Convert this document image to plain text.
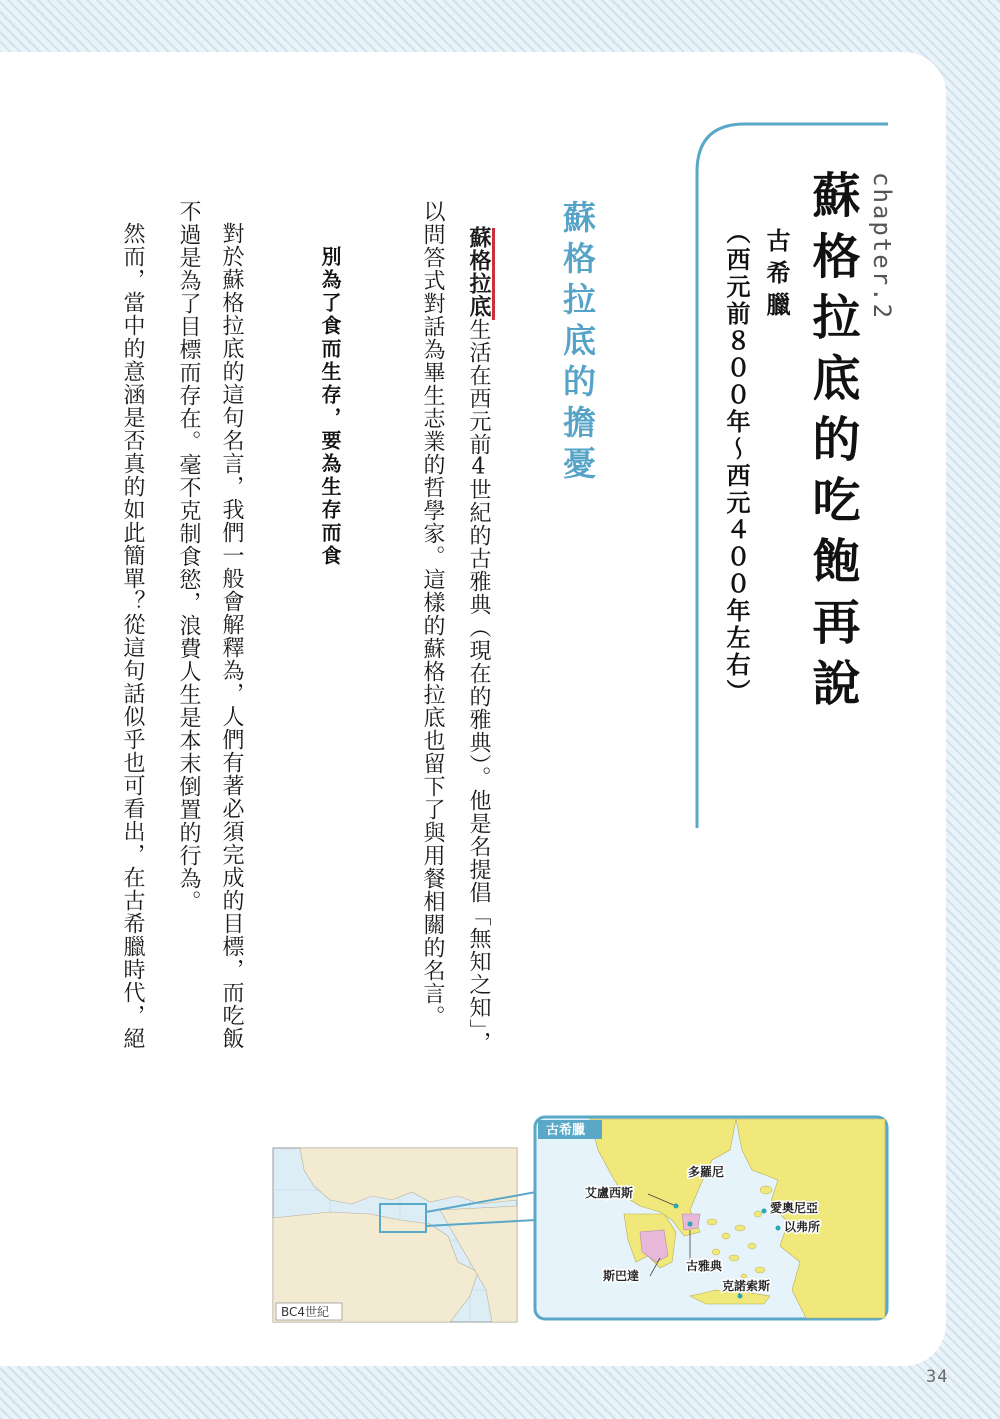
chapter.2

蘇格拉底的吃飽再說

古希臘

（西元前８００年～西元４００年左右）

蘇格拉底的擔憂

蘇格拉底生活在西元前4世紀的古雅典（現在的雅典）。他是名提倡「無知之知」，

以問答式對話為畢生志業的哲學家。這樣的蘇格拉底也留下了與用餐相關的名言。

別為了食而生存，要為生存而食

對於蘇格拉底的這句名言，我們一般會解釋為，人們有著必須完成的目標，而吃飯

不過是為了目標而存在。毫不克制食慾，浪費人生是本末倒置的行為。

然而，當中的意涵是否真的如此簡單？從這句話似乎也可看出，在古希臘時代，絕

BC4世紀
古希臘
多羅尼
艾盧西斯
愛奧尼亞
以弗所
古雅典
斯巴達
克諾索斯
34
